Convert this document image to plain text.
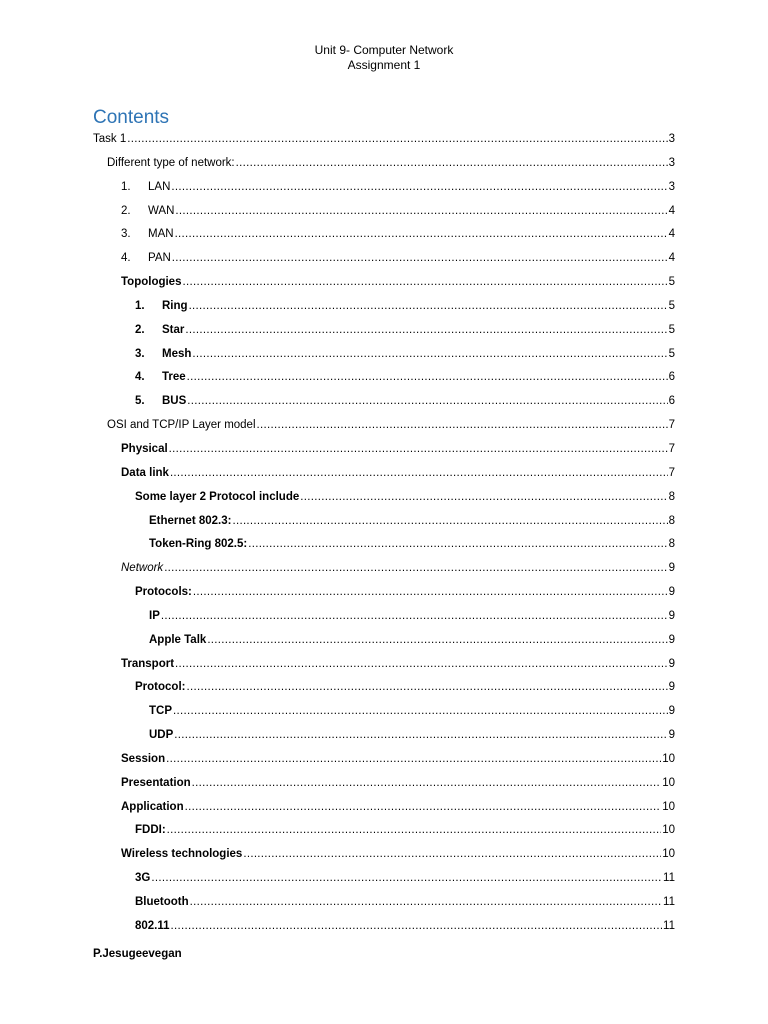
Unit 9- Computer Network
Assignment 1
Contents
Task 1 .....	3
Different type of network: .....	3
1.	LAN .....	3
2.	WAN .....	4
3.	MAN .....	4
4.	PAN .....	4
Topologies .....	5
1.	Ring .....	5
2.	Star .....	5
3.	Mesh .....	5
4.	Tree .....	6
5.	BUS .....	6
OSI and TCP/IP Layer model .....	7
Physical .....	7
Data link .....	7
Some layer 2 Protocol include .....	8
Ethernet 802.3: .....	8
Token-Ring 802.5: .....	8
Network .....	9
Protocols: .....	9
IP .....	9
Apple Talk .....	9
Transport .....	9
Protocol: .....	9
TCP .....	9
UDP .....	9
Session .....	10
Presentation .....	10
Application .....	10
FDDI: .....	10
Wireless technologies .....	10
3G .....	11
Bluetooth .....	11
802.11 .....	11
P.Jesugeevegan
